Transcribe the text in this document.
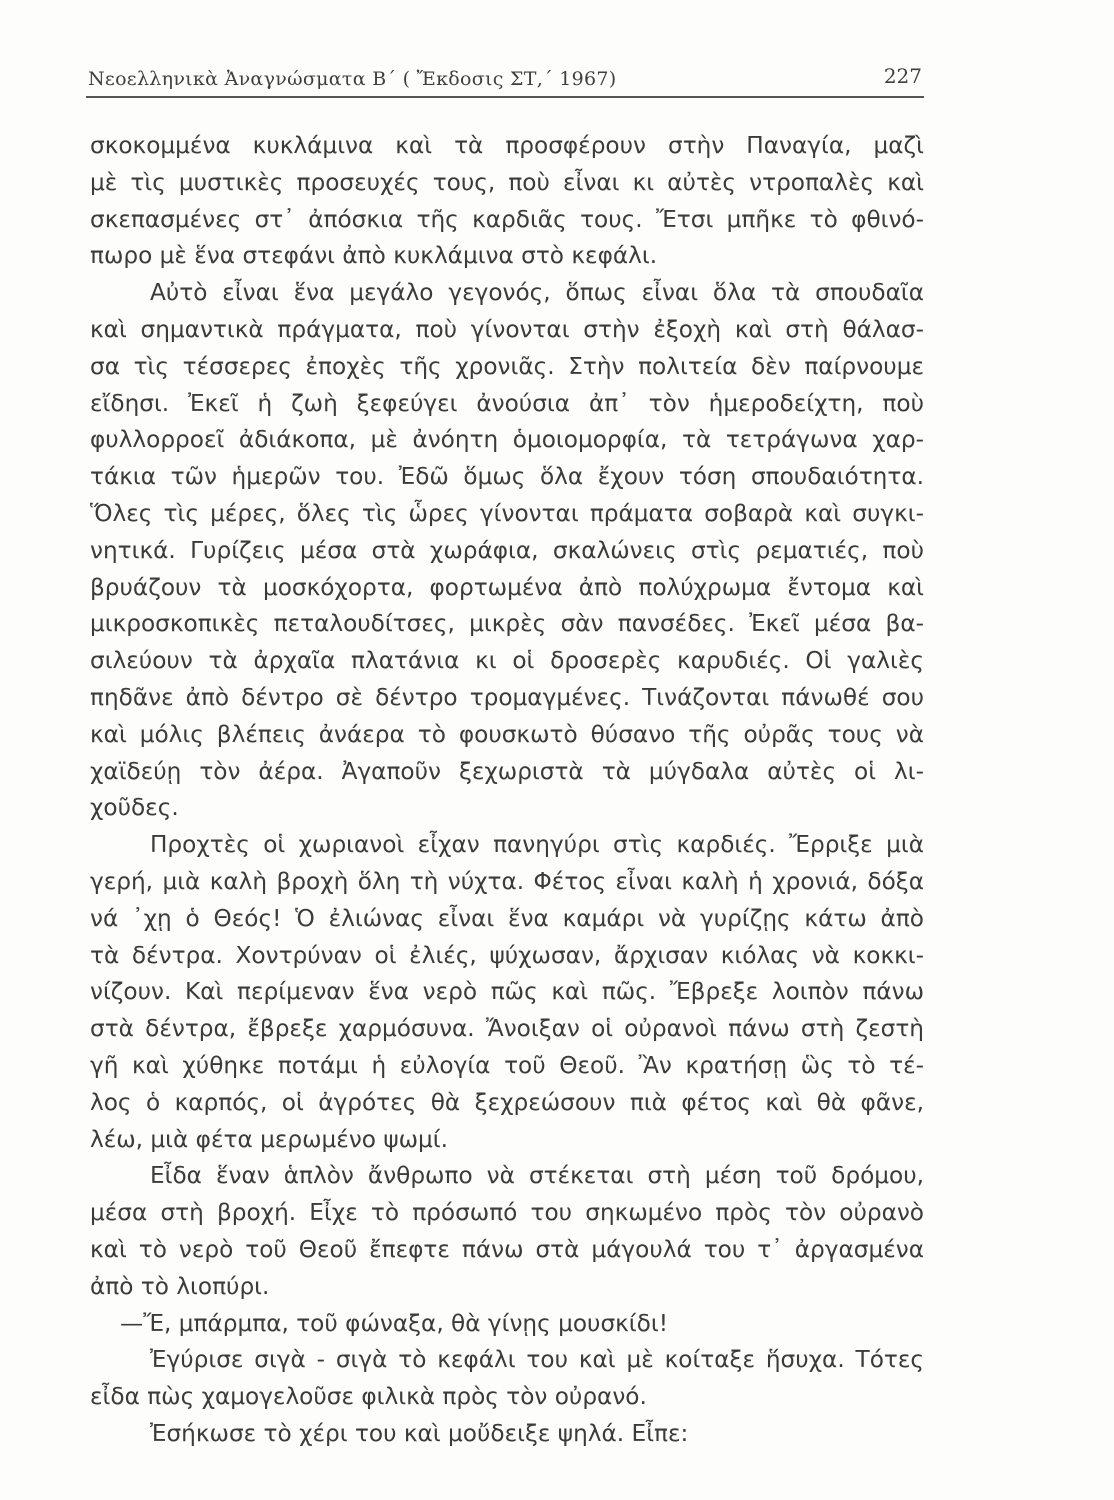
Νεοελληνικὰ Ἀναγνώσματα Β΄ ( Ἔκδοσις ΣΤ,΄ 1967)	227
σκοκομμένα κυκλάμινα καὶ τὰ προσφέρουν στὴν Παναγία, μαζὶ
μὲ τὶς μυστικὲς προσευχές τους, ποὺ εἶναι κι αὐτὲς ντροπαλὲς καὶ
σκεπασμένες στ᾿ ἀπόσκια τῆς καρδιᾶς τους. Ἔτσι μπῆκε τὸ φθινό-
πωρο μὲ ἕνα στεφάνι ἀπὸ κυκλάμινα στὸ κεφάλι.
Αὐτὸ εἶναι ἕνα μεγάλο γεγονός, ὅπως εἶναι ὅλα τὰ σπουδαῖα
καὶ σημαντικὰ πράγματα, ποὺ γίνονται στὴν ἐξοχὴ καὶ στὴ θάλασ-
σα τὶς τέσσερες ἐποχὲς τῆς χρονιᾶς. Στὴν πολιτεία δὲν παίρνουμε
εἴδησι. Ἐκεῖ ἡ ζωὴ ξεφεύγει ἀνούσια ἀπ᾿ τὸν ἡμεροδείχτη, ποὺ
φυλλορροεῖ ἀδιάκοπα, μὲ ἀνόητη ὁμοιομορφία, τὰ τετράγωνα χαρ-
τάκια τῶν ἡμερῶν του. Ἐδῶ ὅμως ὅλα ἔχουν τόση σπουδαιότητα.
Ὅλες τὶς μέρες, ὅλες τὶς ὧρες γίνονται πράματα σοβαρὰ καὶ συγκι-
νητικά. Γυρίζεις μέσα στὰ χωράφια, σκαλώνεις στὶς ρεματιές, ποὺ
βρυάζουν τὰ μοσκόχορτα, φορτωμένα ἀπὸ πολύχρωμα ἔντομα καὶ
μικροσκοπικὲς πεταλουδίτσες, μικρὲς σὰν πανσέδες. Ἐκεῖ μέσα βα-
σιλεύουν τὰ ἀρχαῖα πλατάνια κι οἱ δροσερὲς καρυδιές. Οἱ γαλιὲς
πηδᾶνε ἀπὸ δέντρο σὲ δέντρο τρομαγμένες. Τινάζονται πάνωθέ σου
καὶ μόλις βλέπεις ἀνάερα τὸ φουσκωτὸ θύσανο τῆς οὐρᾶς τους νὰ
χαϊδεύῃ τὸν ἀέρα. Ἀγαποῦν ξεχωριστὰ τὰ μύγδαλα αὐτὲς οἱ λι-
χοῦδες.
Προχτὲς οἱ χωριανοὶ εἶχαν πανηγύρι στὶς καρδιές. Ἔρριξε μιὰ
γερή, μιὰ καλὴ βροχὴ ὅλη τὴ νύχτα. Φέτος εἶναι καλὴ ἡ χρονιά, δόξα
νά ᾿χῃ ὁ Θεός! Ὁ ἐλιώνας εἶναι ἕνα καμάρι νὰ γυρίζῃς κάτω ἀπὸ
τὰ δέντρα. Χοντρύναν οἱ ἐλιές, ψύχωσαν, ἄρχισαν κιόλας νὰ κοκκι-
νίζουν. Καὶ περίμεναν ἕνα νερὸ πῶς καὶ πῶς. Ἔβρεξε λοιπὸν πάνω
στὰ δέντρα, ἔβρεξε χαρμόσυνα. Ἄνοιξαν οἱ οὐρανοὶ πάνω στὴ ζεστὴ
γῆ καὶ χύθηκε ποτάμι ἡ εὐλογία τοῦ Θεοῦ. Ἂν κρατήσῃ ὣς τὸ τέ-
λος ὁ καρπός, οἱ ἀγρότες θὰ ξεχρεώσουν πιὰ φέτος καὶ θὰ φᾶνε,
λέω, μιὰ φέτα μερωμένο ψωμί.
Εἶδα ἕναν ἁπλὸν ἄνθρωπο νὰ στέκεται στὴ μέση τοῦ δρόμου,
μέσα στὴ βροχή. Εἶχε τὸ πρόσωπό του σηκωμένο πρὸς τὸν οὐρανὸ
καὶ τὸ νερὸ τοῦ Θεοῦ ἔπεφτε πάνω στὰ μάγουλά του τ᾿ ἀργασμένα
ἀπὸ τὸ λιοπύρι.
—Ἔ, μπάρμπα, τοῦ φώναξα, θὰ γίνῃς μουσκίδι!
Ἐγύρισε σιγὰ - σιγὰ τὸ κεφάλι του καὶ μὲ κοίταξε ἥσυχα. Τότες
εἶδα πὼς χαμογελοῦσε φιλικὰ πρὸς τὸν οὐρανό.
Ἐσήκωσε τὸ χέρι του καὶ μοὔδειξε ψηλά. Εἶπε:
